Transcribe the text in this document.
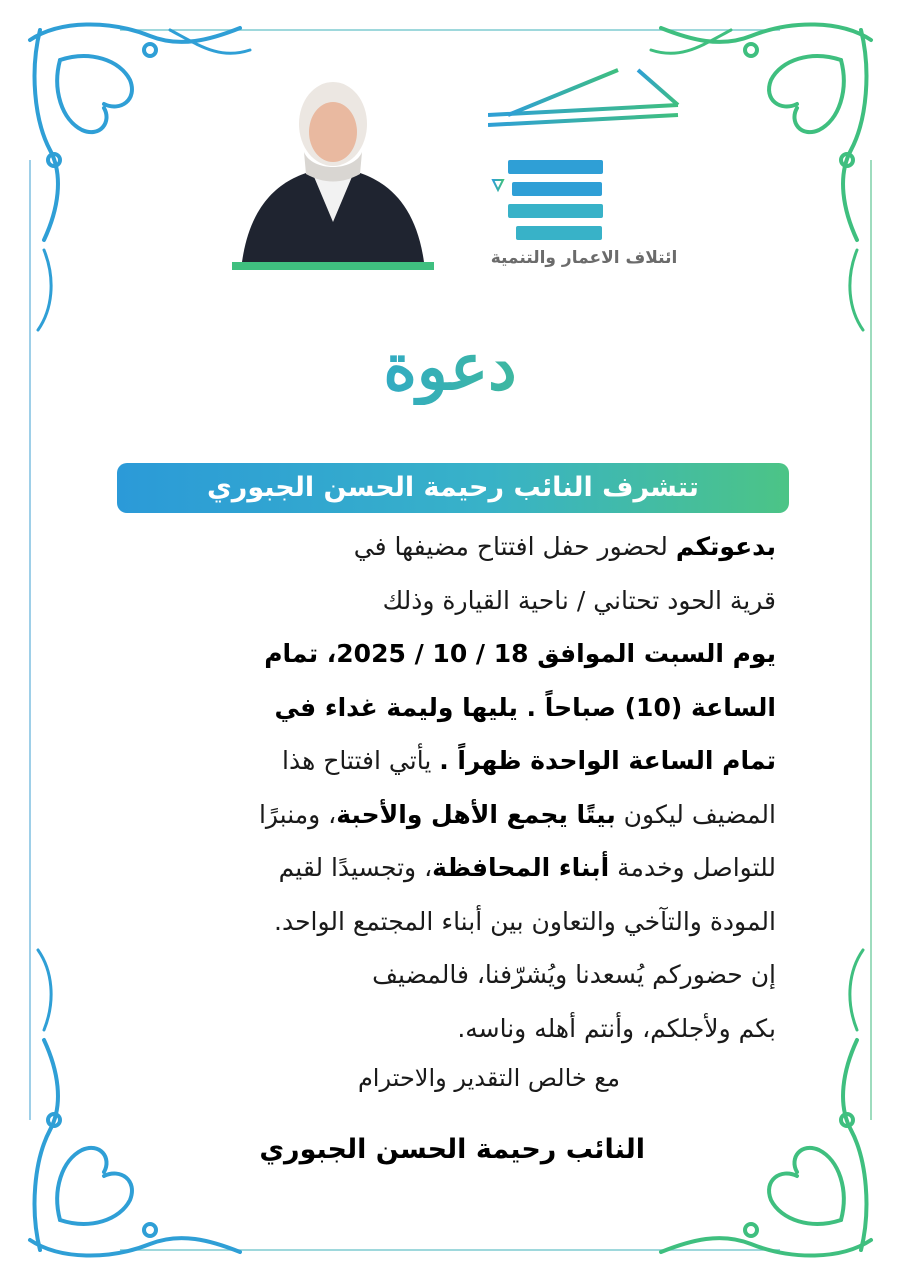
ائتلاف الاعمار والتنمية
دعوة
تتشرف النائب رحيمة الحسن الجبوري

بدعوتكم لحضور حفل افتتاح مضيفها في

قرية الحود تحتاني / ناحية القيارة وذلك

يوم السبت الموافق 18 / 10 / 2025، تمام

الساعة (10) صباحاً . يليها وليمة غداء في

تمام الساعة الواحدة ظهراً . يأتي افتتاح هذا

المضيف ليكون بيتًا يجمع الأهل والأحبة، ومنبرًا

للتواصل وخدمة أبناء المحافظة، وتجسيدًا لقيم

المودة والتآخي والتعاون بين أبناء المجتمع الواحد.

إن حضوركم يُسعدنا ويُشرّفنا، فالمضيف

بكم ولأجلكم، وأنتم أهله وناسه.

مع خالص التقدير والاحترام
النائب رحيمة الحسن الجبوري
